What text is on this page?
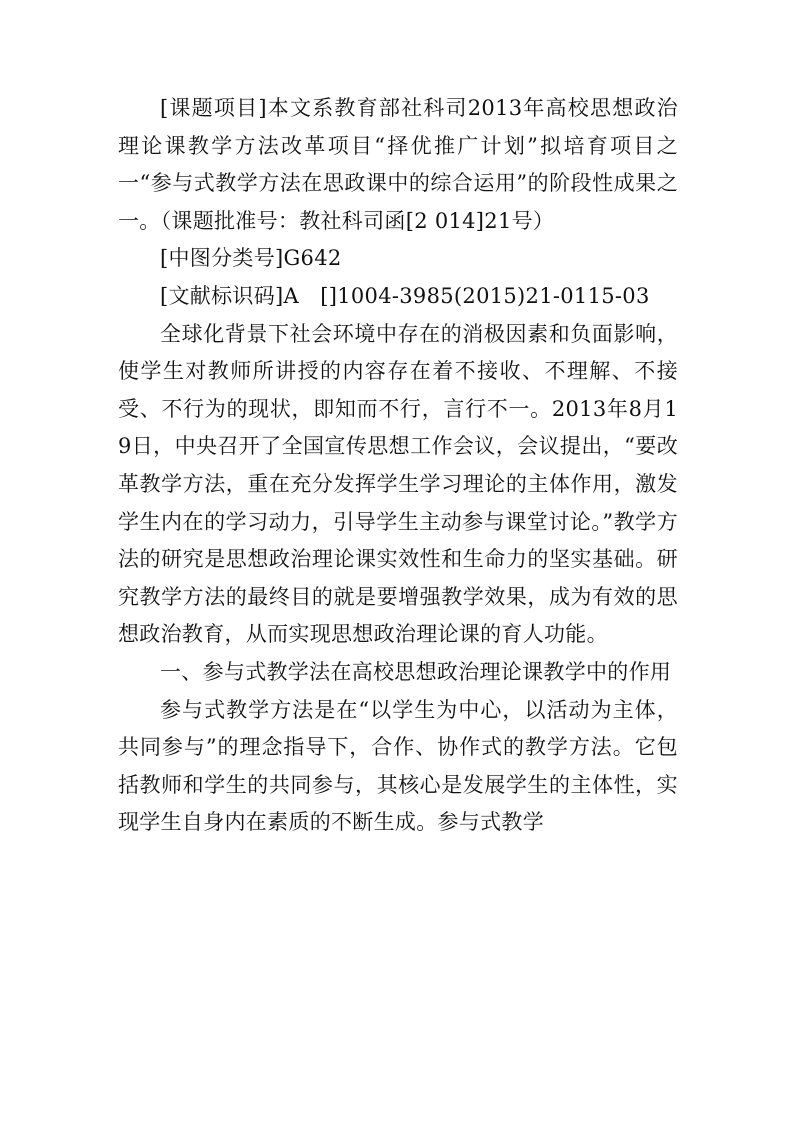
[课题项目]本文系教育部社科司2013年高校思想政治理论课教学方法改革项目“择优推广计划”拟培育项目之一“参与式教学方法在思政课中的综合运用”的阶段性成果之一。（课题批准号：教社科司函[2 014]21号）

[中图分类号]G642

[文献标识码]A　[]1004-3985(2015)21-0115-03

全球化背景下社会环境中存在的消极因素和负面影响，使学生对教师所讲授的内容存在着不接收、不理解、不接受、不行为的现状，即知而不行，言行不一。2013年8月19日，中央召开了全国宣传思想工作会议，会议提出，“要改革教学方法，重在充分发挥学生学习理论的主体作用，激发学生内在的学习动力，引导学生主动参与课堂讨论。”教学方法的研究是思想政治理论课实效性和生命力的坚实基础。研究教学方法的最终目的就是要增强教学效果，成为有效的思想政治教育，从而实现思想政治理论课的育人功能。

一、参与式教学法在高校思想政治理论课教学中的作用

参与式教学方法是在“以学生为中心，以活动为主体，共同参与”的理念指导下，合作、协作式的教学方法。它包括教师和学生的共同参与，其核心是发展学生的主体性，实现学生自身内在素质的不断生成。参与式教学
